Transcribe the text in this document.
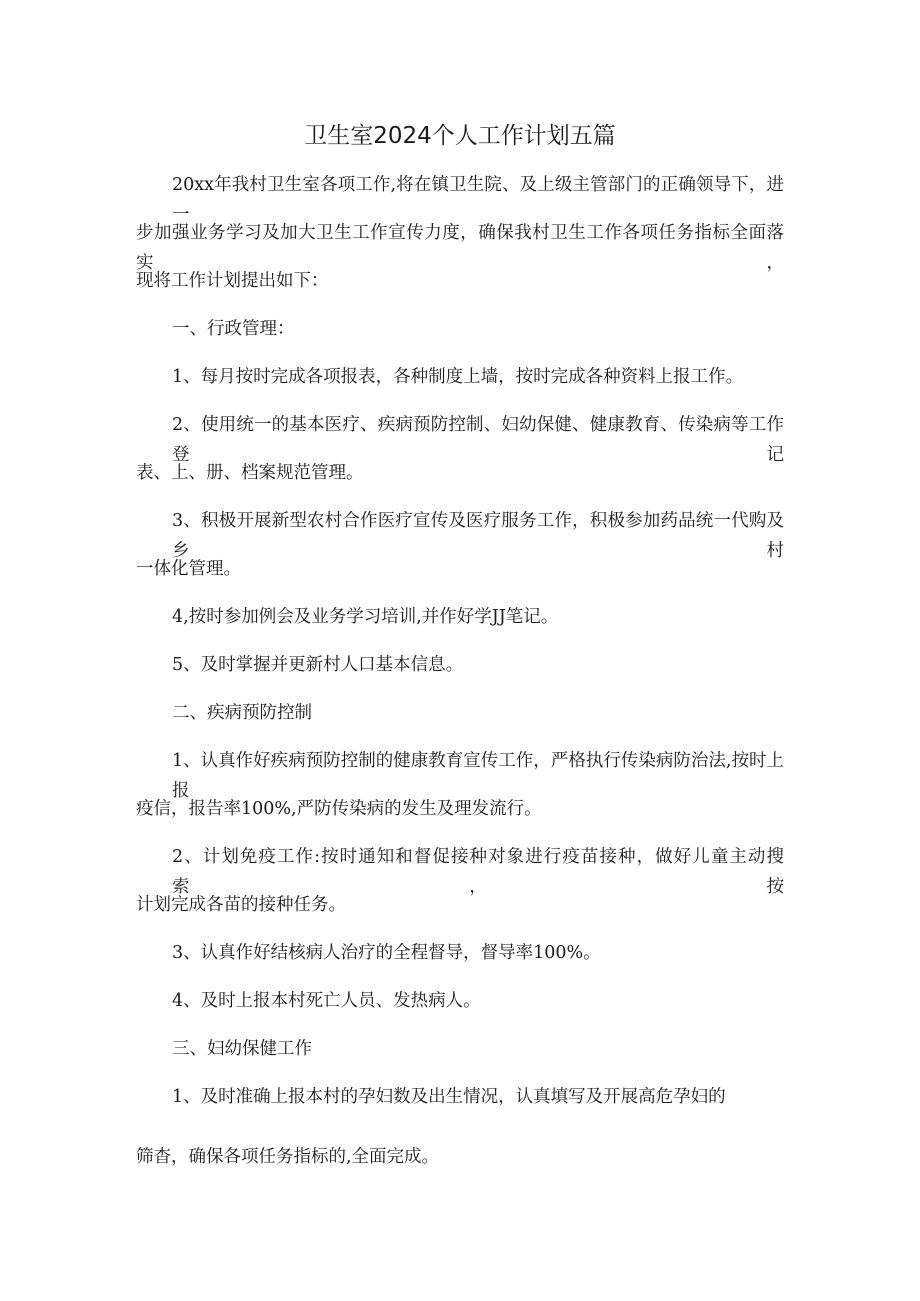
卫生室2024个人工作计划五篇
20xx年我村卫生室各项工作,将在镇卫生院、及上级主管部门的正确领导下，进一
步加强业务学习及加大卫生工作宣传力度，确保我村卫生工作各项任务指标全面落实，
现将工作计划提出如下：
一、行政管理：
1、每月按时完成各项报表，各种制度上墙，按时完成各种资料上报工作。
2、使用统一的基本医疗、疾病预防控制、妇幼保健、健康教育、传染病等工作登记
表、上、册、档案规范管理。
3、积极开展新型农村合作医疗宣传及医疗服务工作，积极参加药品统一代购及乡村
一体化管理。
4,按时参加例会及业务学习培训,并作好学JJ笔记。
5、及时掌握并更新村人口基本信息。
二、疾病预防控制
1、认真作好疾病预防控制的健康教育宣传工作，严格执行传染病防治法,按时上报
疫信，报告率100%,严防传染病的发生及理发流行。
2、计划免疫工作:按时通知和督促接种对象进行疫苗接种，做好儿童主动搜索，按
计划完成各苗的接种任务。
3、认真作好结核病人治疗的全程督导，督导率100%。
4、及时上报本村死亡人员、发热病人。
三、妇幼保健工作
1、及时准确上报本村的孕妇数及出生情况，认真填写及开展高危孕妇的
筛杳，确保各项任务指标的,全面完成。
